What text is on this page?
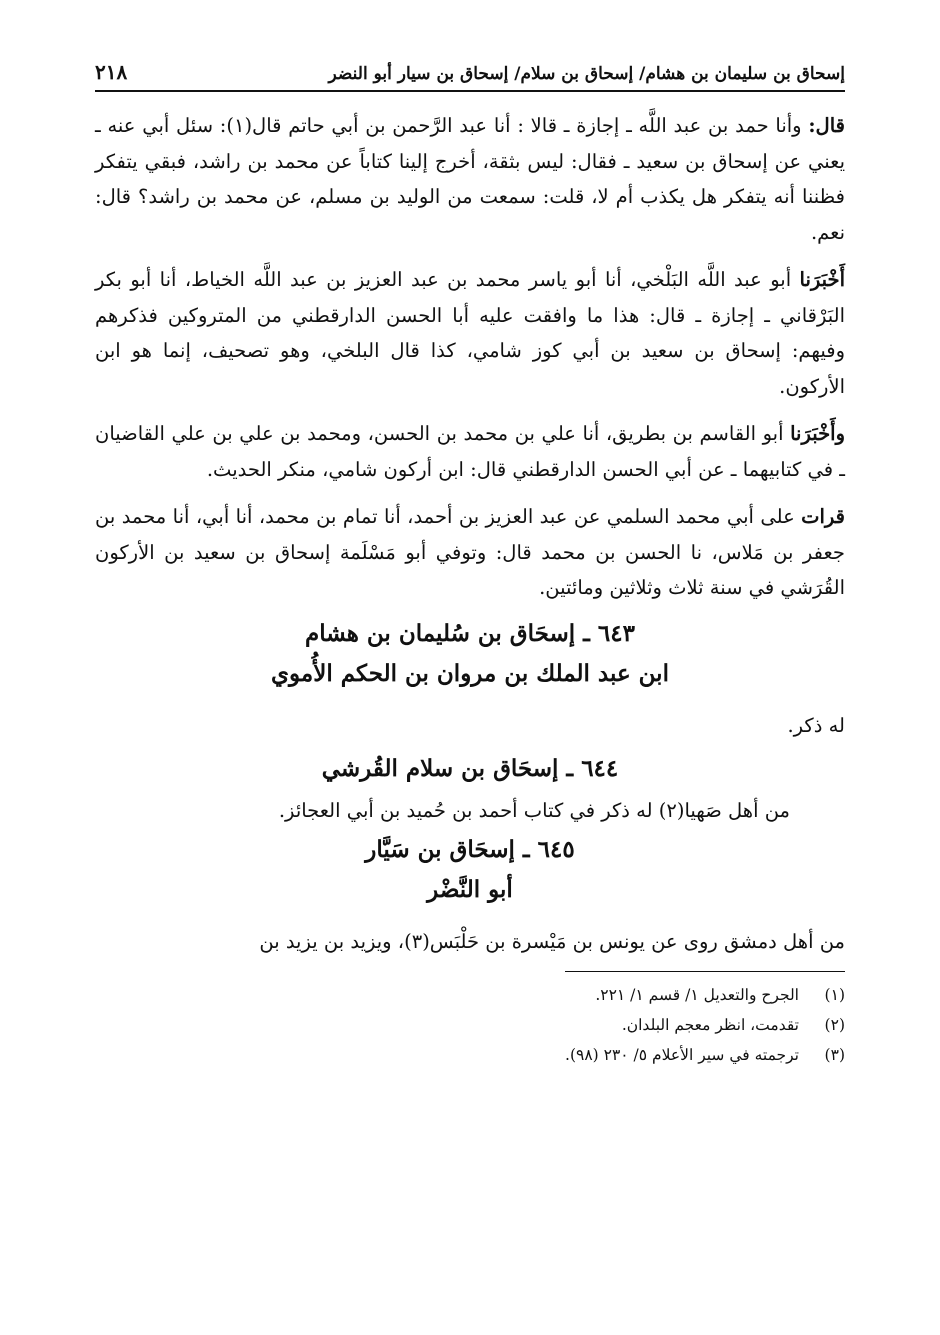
إسحاق بن سليمان بن هشام/ إسحاق بن سلام/ إسحاق بن سيار أبو النضر
٢١٨

قال: وأنا حمد بن عبد اللَّه ـ إجازة ـ قالا : أنا عبد الرَّحمن بن أبي حاتم قال(١): سئل أبي عنه ـ يعني عن إسحاق بن سعيد ـ فقال: ليس بثقة، أخرج إلينا كتاباً عن محمد بن راشد، فبقي يتفكر فظننا أنه يتفكر هل يكذب أم لا، قلت: سمعت من الوليد بن مسلم، عن محمد بن راشد؟ قال: نعم.

أَخْبَرَنا أبو عبد اللَّه البَلْخي، أنا أبو ياسر محمد بن عبد العزيز بن عبد اللَّه الخياط، أنا أبو بكر البَرْقاني ـ إجازة ـ قال: هذا ما وافقت عليه أبا الحسن الدارقطني من المتروكين فذكرهم وفيهم: إسحاق بن سعيد بن أبي كوز شامي، كذا قال البلخي، وهو تصحيف، إنما هو ابن الأركون.

وأَخْبَرَنا أبو القاسم بن بطريق، أنا علي بن محمد بن الحسن، ومحمد بن علي بن علي القاضيان ـ في كتابيهما ـ عن أبي الحسن الدارقطني قال: ابن أركون شامي، منكر الحديث.

قرات على أبي محمد السلمي عن عبد العزيز بن أحمد، أنا تمام بن محمد، أنا أبي، أنا محمد بن جعفر بن مَلاس، نا الحسن بن محمد قال: وتوفي أبو مَسْلَمة إسحاق بن سعيد بن الأركون القُرَشي في سنة ثلاث وثلاثين ومائتين.

٦٤٣ ـ إسحَاق بن سُليمان بن هشام

ابن عبد الملك بن مروان بن الحكم الأُموي

له ذكر.

٦٤٤ ـ إسحَاق بن سلام القُرشي

من أهل صَهيا(٢) له ذكر في كتاب أحمد بن حُميد بن أبي العجائز.

٦٤٥ ـ إسحَاق بن سَيَّار

أبو النَّضْر

من أهل دمشق روى عن يونس بن مَيْسرة بن حَلْبَس(٣)، ويزيد بن يزيد بن

(١)
الجرح والتعديل ١/ قسم ١/ ٢٢١.
(٢)
تقدمت، انظر معجم البلدان.
(٣)
ترجمته في سير الأعلام ٥/ ٢٣٠ (٩٨).
